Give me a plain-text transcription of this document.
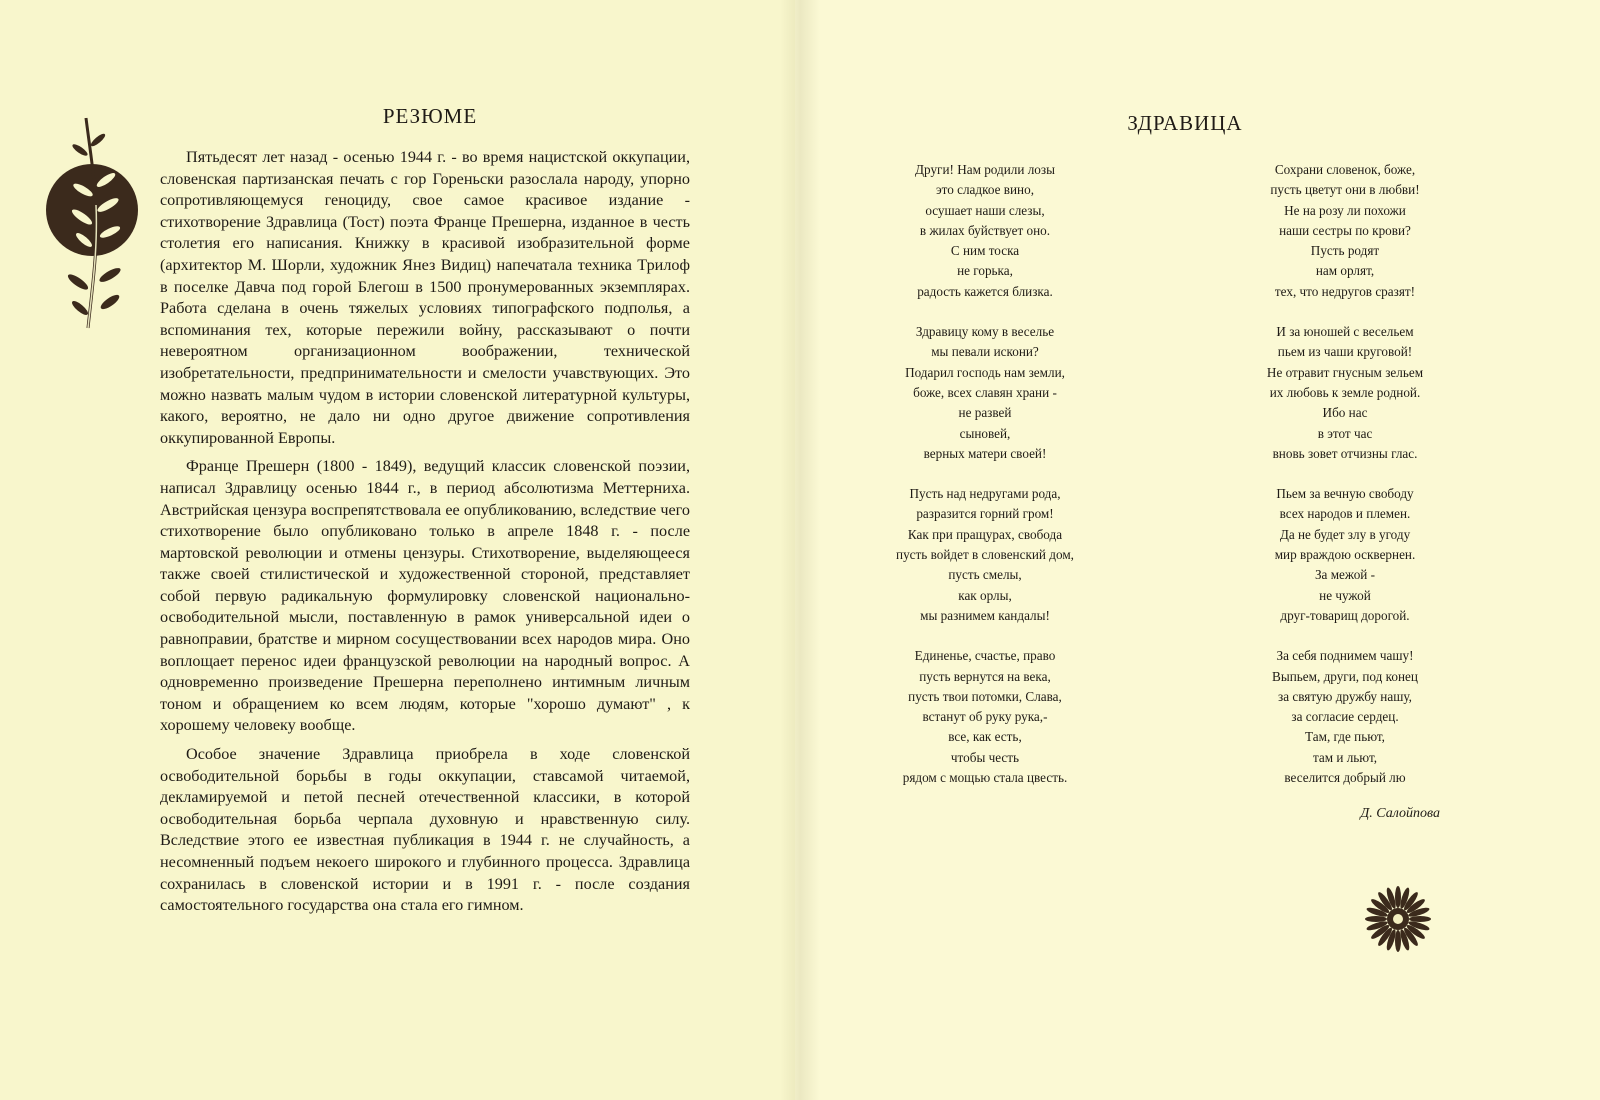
РЕЗЮМЕ

Пятьдесят лет назад - осенью 1944 г. - во время нацистской оккупации, словенская партизанская печать с гор Гореньски разослала народу, упорно сопротивляющемуся геноциду, свое самое красивое издание - стихотворение Здравлица (Тост) поэта Франце Прешерна, изданное в честь столетия его написания. Книжку в красивой изобразительной форме (архитектор М. Шорли, художник Янез Видиц) напечатала техника Трилоф в поселке Давча под горой Блегош в 1500 пронумерованных экземплярах. Работа сделана в очень тяжелых условиях типографского подполья, а вспоминания тех, которые пережили войну, рассказывают о почти невероятном организационном воображении, технической изобретательности, предпринимательности и смелости учавствующих. Это можно назвать малым чудом в истории словенской литературной культуры, какого, вероятно, не дало ни одно другое движение сопротивления оккупированной Европы.

Франце Прешерн (1800 - 1849), ведущий классик словенской поэзии, написал Здравлицу осенью 1844 г., в период абсолютизма Меттерниха. Австрийская цензура воспрепятствовала ее опубликованию, вследствие чего стихотворение было опубликовано только в апреле 1848 г. - после мартовской революции и отмены цензуры. Стихотворение, выделяющееся также своей стилистической и художественной стороной, представляет собой первую радикальную формулировку словенской национально-освободительной мысли, поставленную в рамок универсальной идеи о равноправии, братстве и мирном сосуществовании всех народов мира. Оно воплощает перенос идеи французской революции на народный вопрос. А одновременно произведение Прешерна переполнено интимным личным тоном и обращением ко всем людям, которые "хорошо думают" , к хорошему человеку вообще.

Особое значение Здравлица приобрела в ходе словенской освободительной борьбы в годы оккупации, ставсамой читаемой, декламируемой и петой песней отечественной классики, в которой освободительная борьба черпала духовную и нравственную силу. Вследствие этого ее известная публикация в 1944 г. не случайность, а несомненный подъем некоего широкого и глубинного процесса. Здравлица сохранилась в словенской истории и в 1991 г. - после создания самостоятельного государства она стала его гимном.

ЗДРАВИЦА
Други! Нам родили лозы
это сладкое вино,
осушает наши слезы,
в жилах буйствует оно.
С ним тоска
не горька,
радость кажется близка.
Здравицу кому в веселье
мы певали искони?
Подарил господь нам земли,
боже, всех славян храни -
не развей
сыновей,
верных матери своей!
Пусть над недругами рода,
разразится горний гром!
Как при пращурах, свобода
пусть войдет в словенский дом,
пусть смелы,
как орлы,
мы разнимем кандалы!
Единенье, счастье, право
пусть вернутся на века,
пусть твои потомки, Слава,
встанут об руку рука,-
все, как есть,
чтобы честь
рядом с мощью стала цвесть.
Сохрани словенок, боже,
пусть цветут они в любви!
Не на розу ли похожи
наши сестры по крови?
Пусть родят
нам орлят,
тех, что недругов сразят!
И за юношей с весельем
пьем из чаши круговой!
Не отравит гнусным зельем
их любовь к земле родной.
Ибо нас
в этот час
вновь зовет отчизны глас.
Пьем за вечную свободу
всех народов и племен.
Да не будет злу в угоду
мир враждою осквернен.
За межой -
не чужой
друг-товарищ дорогой.
За себя поднимем чашу!
Выпьем, други, под конец
за святую дружбу нашу,
за согласие сердец.
Там, где пьют,
там и льют,
веселится добрый лю
Д. Салойпова
